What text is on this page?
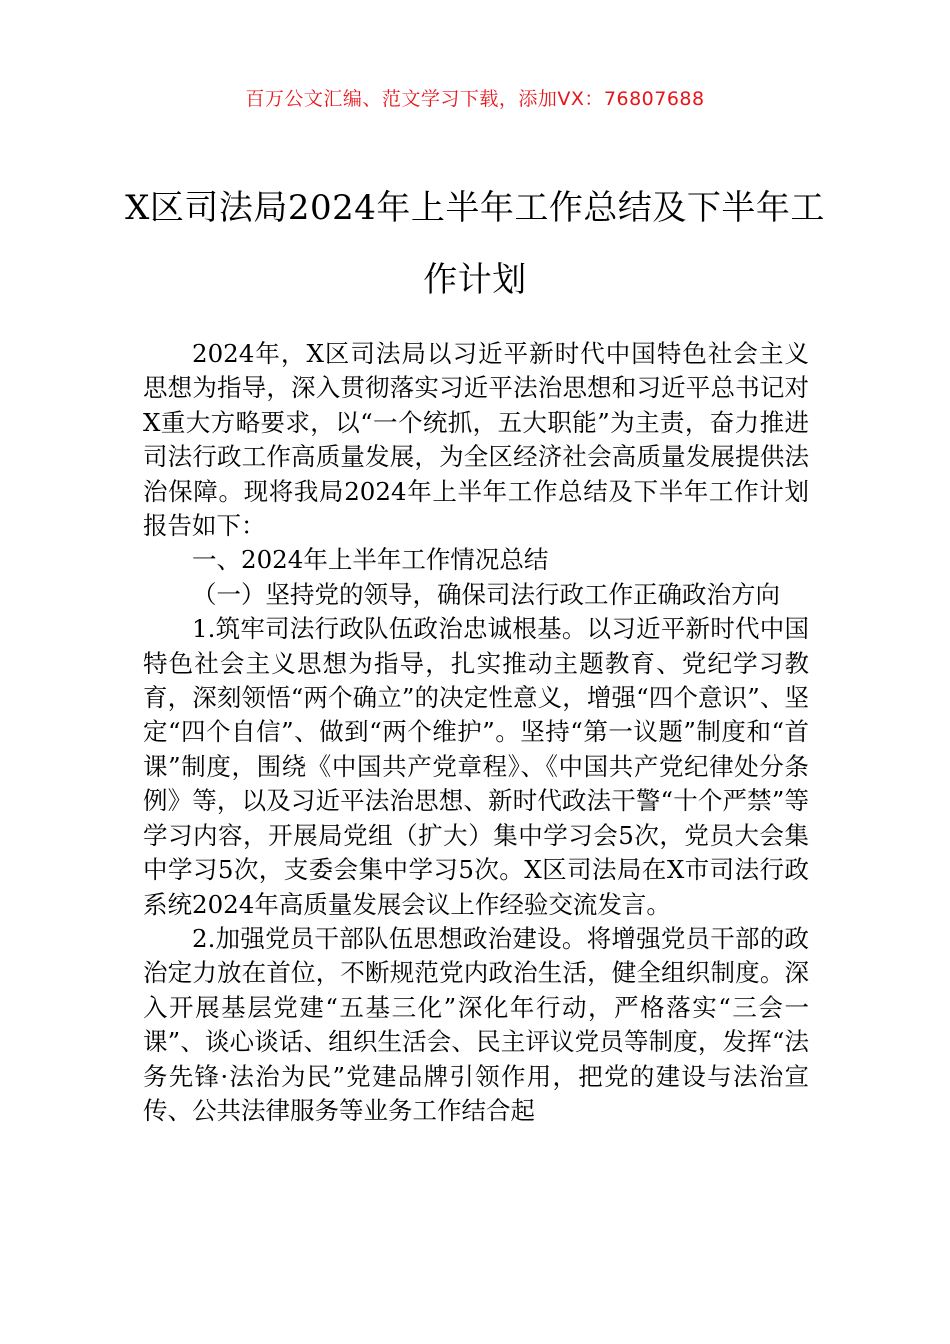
百万公文汇编、范文学习下载，添加VX：76807688
X区司法局2024年上半年工作总结及下半年工作计划

2024年，X区司法局以习近平新时代中国特色社会主义思想为指导，深入贯彻落实习近平法治思想和习近平总书记对X重大方略要求，以“一个统抓，五大职能”为主责，奋力推进司法行政工作高质量发展，为全区经济社会高质量发展提供法治保障。现将我局2024年上半年工作总结及下半年工作计划报告如下：

一、2024年上半年工作情况总结

（一）坚持党的领导，确保司法行政工作正确政治方向

1.筑牢司法行政队伍政治忠诚根基。以习近平新时代中国特色社会主义思想为指导，扎实推动主题教育、党纪学习教育，深刻领悟“两个确立”的决定性意义，增强“四个意识”、坚定“四个自信”、做到“两个维护”。坚持“第一议题”制度和“首课”制度，围绕《中国共产党章程》、《中国共产党纪律处分条例》等，以及习近平法治思想、新时代政法干警“十个严禁”等学习内容，开展局党组（扩大）集中学习会5次，党员大会集中学习5次，支委会集中学习5次。X区司法局在X市司法行政系统2024年高质量发展会议上作经验交流发言。

2.加强党员干部队伍思想政治建设。将增强党员干部的政治定力放在首位，不断规范党内政治生活，健全组织制度。深入开展基层党建“五基三化”深化年行动，严格落实“三会一课”、谈心谈话、组织生活会、民主评议党员等制度，发挥“法务先锋·法治为民”党建品牌引领作用，把党的建设与法治宣传、公共法律服务等业务工作结合起
